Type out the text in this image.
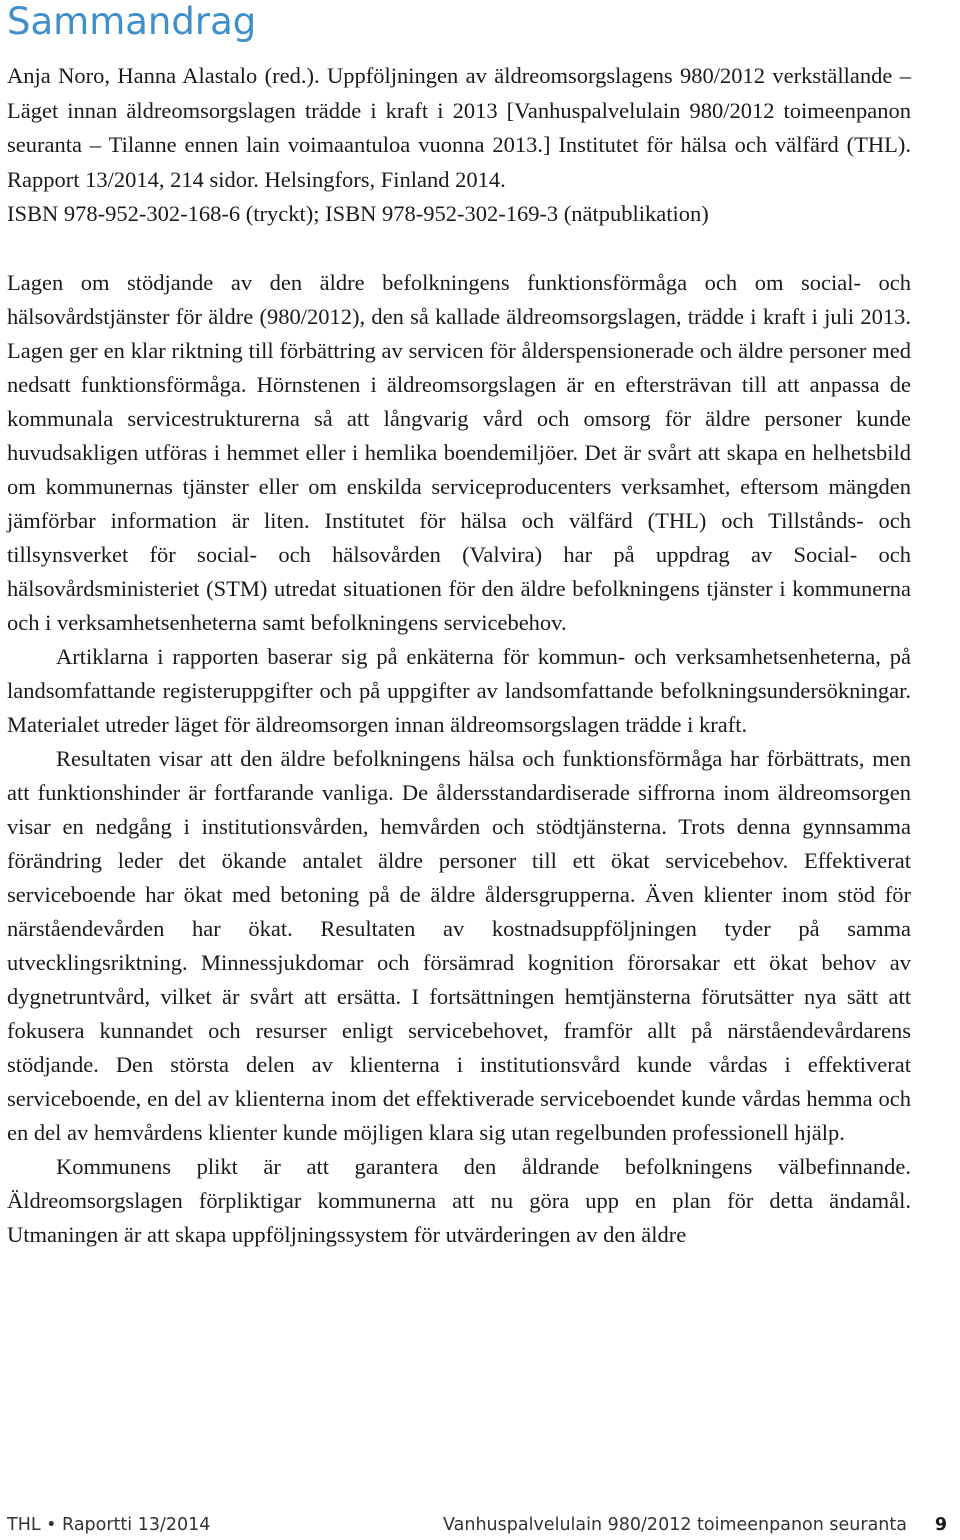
Sammandrag
Anja Noro, Hanna Alastalo (red.). Uppföljningen av äldreomsorgslagens 980/2012 verkställande – Läget innan äldreomsorgslagen trädde i kraft i 2013 [Vanhuspalvelulain 980/2012 toimeenpanon seuranta – Tilanne ennen lain voimaantuloa vuonna 2013.] Institutet för hälsa och välfärd (THL). Rapport 13/2014, 214 sidor. Helsingfors, Finland 2014.
ISBN 978-952-302-168-6 (tryckt); ISBN 978-952-302-169-3 (nätpublikation)

Lagen om stödjande av den äldre befolkningens funktionsförmåga och om social- och hälsovårdstjänster för äldre (980/2012), den så kallade äldreomsorgslagen, trädde i kraft i juli 2013. Lagen ger en klar riktning till förbättring av servicen för ålderspensionerade och äldre personer med nedsatt funktionsförmåga. Hörnstenen i äldreomsorgslagen är en eftersträvan till att anpassa de kommunala servicestrukturerna så att långvarig vård och omsorg för äldre personer kunde huvudsakligen utföras i hemmet eller i hemlika boendemiljöer. Det är svårt att skapa en helhetsbild om kommunernas tjänster eller om enskilda serviceproducenters verksamhet, eftersom mängden jämförbar information är liten. Institutet för hälsa och välfärd (THL) och Tillstånds- och tillsynsverket för social- och hälsovården (Valvira) har på uppdrag av Social- och hälsovårdsministeriet (STM) utredat situationen för den äldre befolkningens tjänster i kommunerna och i verksamhetsenheterna samt befolkningens servicebehov.

Artiklarna i rapporten baserar sig på enkäterna för kommun- och verksamhetsenheterna, på landsomfattande registeruppgifter och på uppgifter av landsomfattande befolkningsundersökningar. Materialet utreder läget för äldreomsorgen innan äldreomsorgslagen trädde i kraft.

Resultaten visar att den äldre befolkningens hälsa och funktionsförmåga har förbättrats, men att funktionshinder är fortfarande vanliga. De åldersstandardiserade siffrorna inom äldreomsorgen visar en nedgång i institutionsvården, hemvården och stödtjänsterna. Trots denna gynnsamma förändring leder det ökande antalet äldre personer till ett ökat servicebehov. Effektiverat serviceboende har ökat med betoning på de äldre åldersgrupperna. Även klienter inom stöd för närståendevården har ökat. Resultaten av kostnadsuppföljningen tyder på samma utvecklingsriktning. Minnessjukdomar och försämrad kognition förorsakar ett ökat behov av dygnetruntvård, vilket är svårt att ersätta. I fortsättningen hemtjänsterna förutsätter nya sätt att fokusera kunnandet och resurser enligt servicebehovet, framför allt på närståendevårdarens stödjande. Den största delen av klienterna i institutionsvård kunde vårdas i effektiverat serviceboende, en del av klienterna inom det effektiverade serviceboendet kunde vårdas hemma och en del av hemvårdens klienter kunde möjligen klara sig utan regelbunden professionell hjälp.

Kommunens plikt är att garantera den åldrande befolkningens välbefinnande. Äldreomsorgslagen förpliktigar kommunerna att nu göra upp en plan för detta ändamål. Utmaningen är att skapa uppföljningssystem för utvärderingen av den äldre

THL • Raportti 13/2014	Vanhuspalvelulain 980/2012 toimeenpanon seuranta 9
